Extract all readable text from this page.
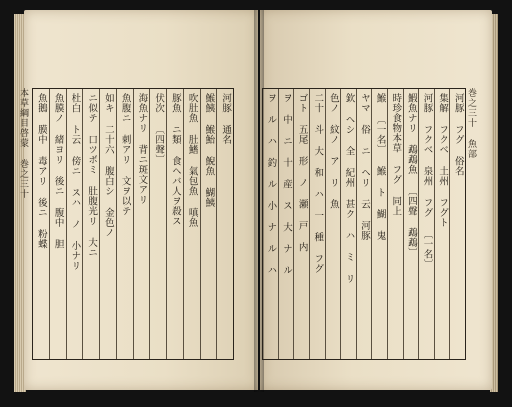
本草綱目啓蒙 巻之三十	河豚 通名
鯸鮧 鯸鮐 鯢魚 鰗鮧
吹肚魚 肚鰭 氣包魚 嗔魚
豚魚 ニ類 食ヘバ人ヲ殺ス
伏次 〔四聲〕
海魚ナリ 背ニ斑文アリ
魚腹ニ 刺アリ 文ヲ以テ
如キ 二十六 腹白シ 金色ノ
ニ似テ 口ツボミ 肚腹光リ 大ニ
杜白 ト云 傍ニ スハ ノ 小ナリ
魚膜ノ 緒ヨリ 後ニ 腹中 胆
魚鵝 膜中 毒アリ 後ニ 粉蝶	河豚 フグ 俗名
集解 フクベ 土州 フグト
河豚 フクベ 泉州 フグ 〔一名〕
鰕魚ナリ 鵡鵡魚 〔四聲 鵡鵡〕
時珍食物本草 フグ 同上
鯸 〔一名〕 鯸 ト 鰗 鬼
ヤマ 俗 ニ ヘリ 云 河豚
欽 ヘシ 全 紀州 甚ク ハ ミ リ
色ノ 紋ノ ア リ 魚
二十 斗 大 和 ハ 一 種 フグ
ゴト 五尾 形 ノ 瀬 戸 内
ヲ 中 ニ 十 産 ス 大 ナ ル
ヲ ル ハ 釣 ル 小 ナ ル ハ	巻之三十 魚部
